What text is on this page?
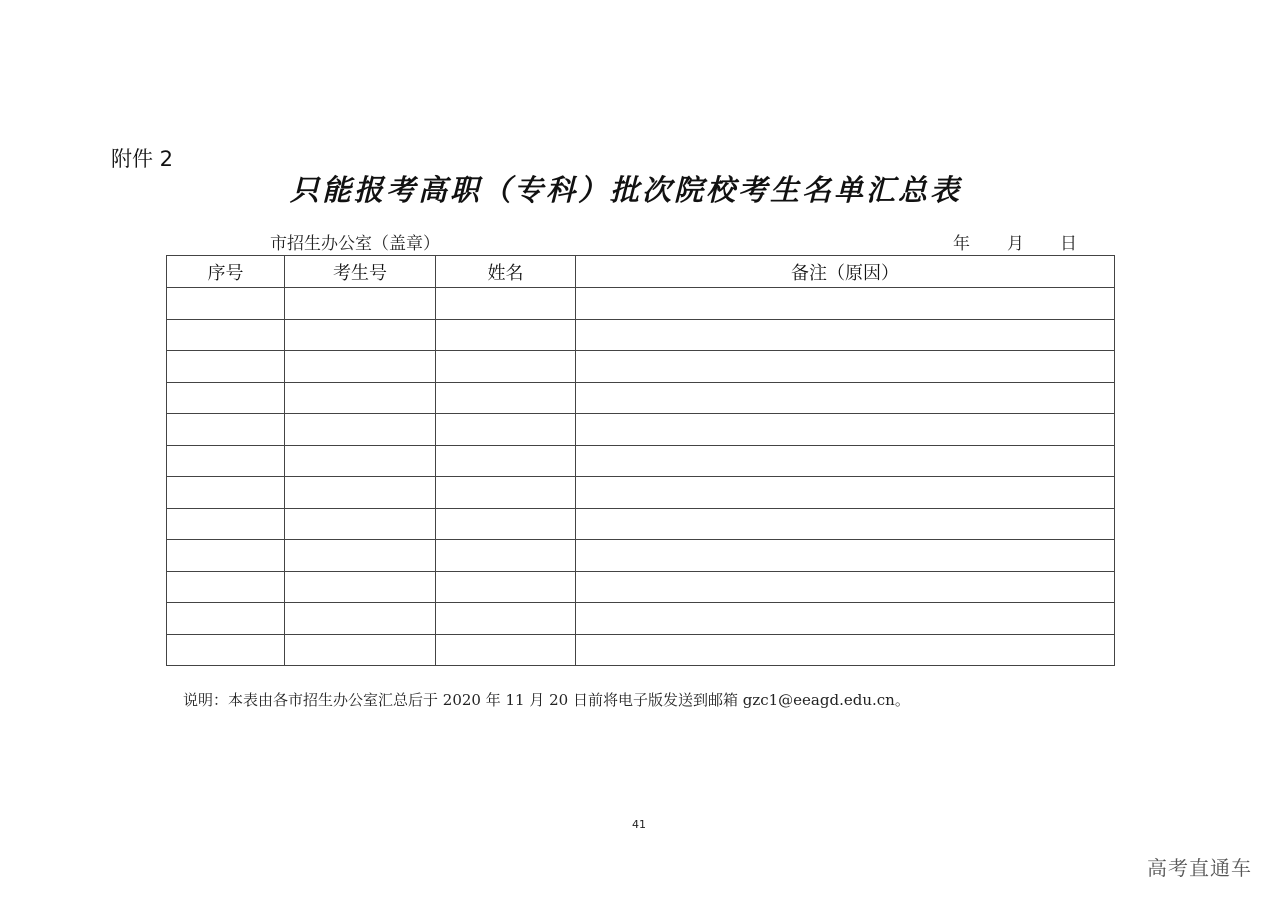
附件 2
只能报考高职（专科）批次院校考生名单汇总表
市招生办公室（盖章）	年 月 日
序号	考生号	姓名	备注（原因）

说明：本表由各市招生办公室汇总后于 2020 年 11 月 20 日前将电子版发送到邮箱 gzc1@eeagd.edu.cn。
41
高考直通车
